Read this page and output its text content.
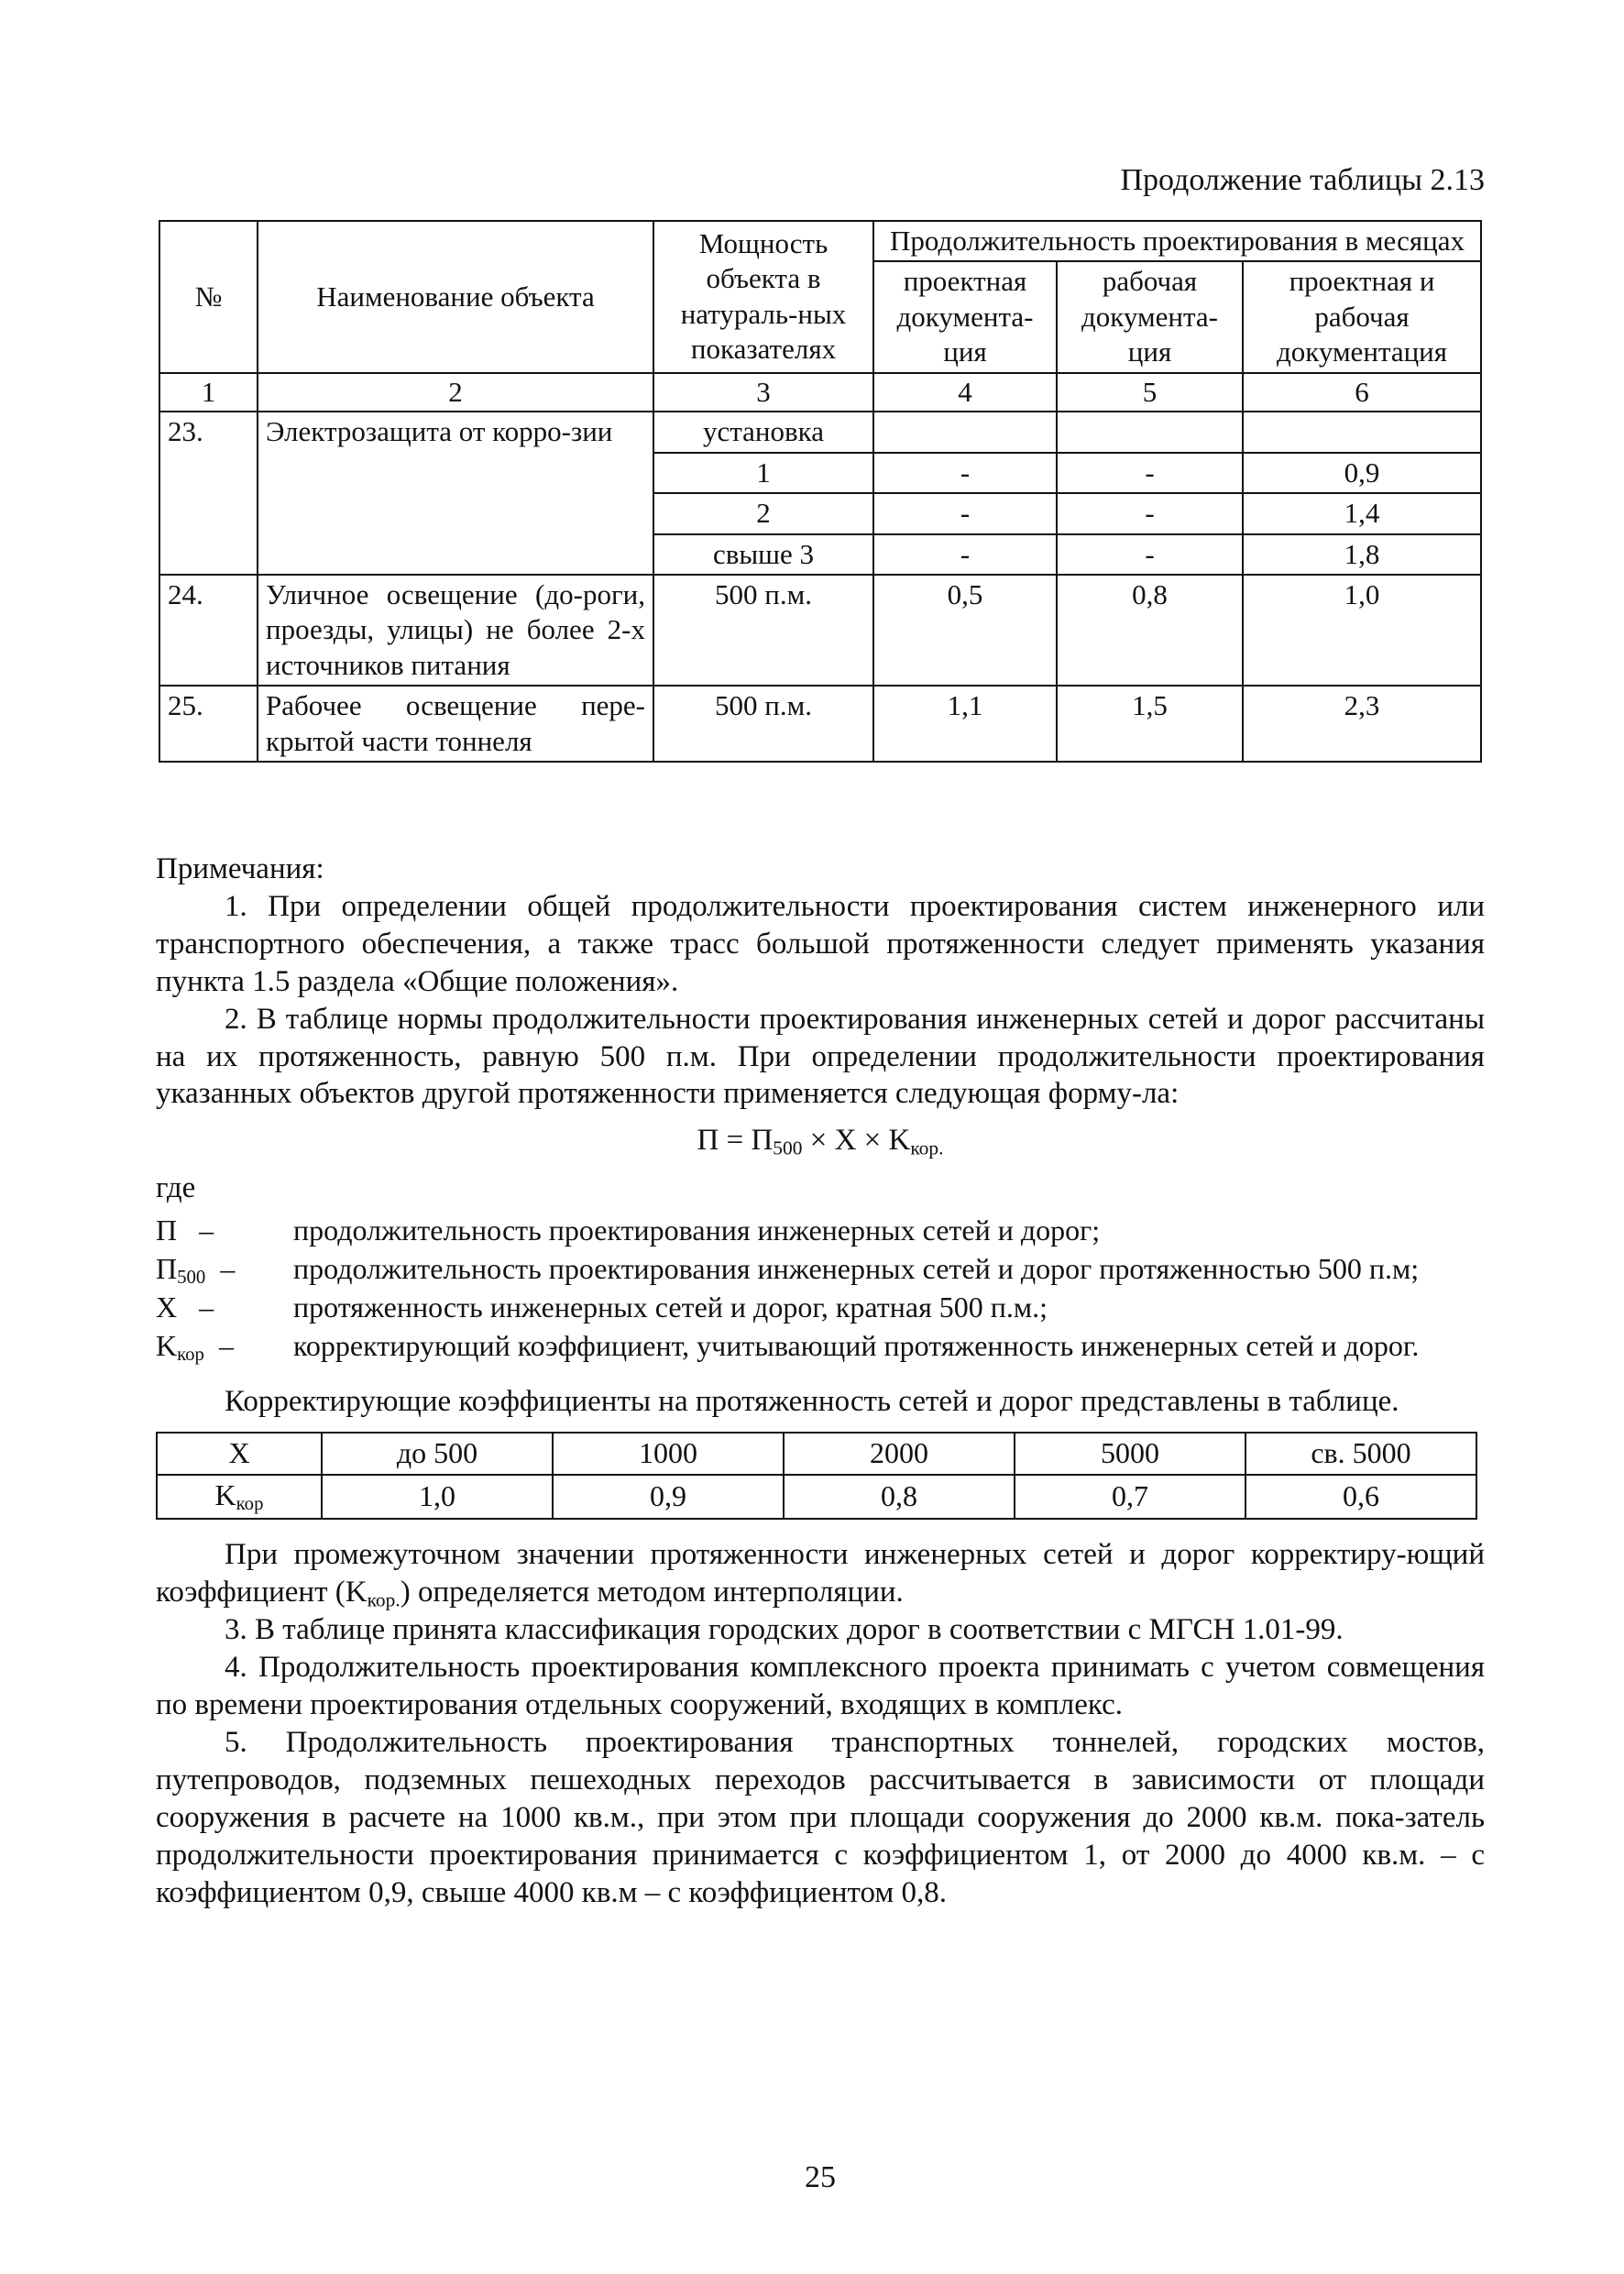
Продолжение таблицы 2.13
№	Наименование объекта	Мощность объекта в натураль-ных показателях	Продолжительность проектирования в месяцах		
			проектная документа-ция	рабочая документа-ция	проектная и рабочая документация
1	2	3	4	5	6
23.	Электрозащита от корро-зии	установка			
		1	-	-	0,9
		2	-	-	1,4
		свыше 3	-	-	1,8
24.	Уличное освещение (до-роги, проезды, улицы) не более 2-х источников питания	500 п.м.	0,5	0,8	1,0
25.	Рабочее освещение пере-крытой части тоннеля	500 п.м.	1,1	1,5	2,3

Примечания:

1. При определении общей продолжительности проектирования систем инженерного или транспортного обеспечения, а также трасс большой протяженности следует применять указания пункта 1.5 раздела «Общие положения».

2. В таблице нормы продолжительности проектирования инженерных сетей и дорог рассчитаны на их протяженность, равную 500 п.м. При определении продолжительности проектирования указанных объектов другой протяженности применяется следующая форму-ла:

$П = П_{500} \times X \times K_{кор.}$

где

П –	продолжительность проектирования инженерных сетей и дорог;
$П_{500}$ –	продолжительность проектирования инженерных сетей и дорог протяженностью 500 п.м;
X –	протяженность инженерных сетей и дорог, кратная 500 п.м.;
$K_{кор}$ –	корректирующий коэффициент, учитывающий протяженность инженерных сетей и дорог.

Корректирующие коэффициенты на протяженность сетей и дорог представлены в таблице.

X	до 500	1000	2000	5000	св. 5000
$K_{кор}$	1,0	0,9	0,8	0,7	0,6

При промежуточном значении протяженности инженерных сетей и дорог корректиру-ющий коэффициент $(K_{кор.})$ определяется методом интерполяции.

3. В таблице принята классификация городских дорог в соответствии с МГСН 1.01-99.

4. Продолжительность проектирования комплексного проекта принимать с учетом совмещения по времени проектирования отдельных сооружений, входящих в комплекс.

5. Продолжительность проектирования транспортных тоннелей, городских мостов, путепроводов, подземных пешеходных переходов рассчитывается в зависимости от площади сооружения в расчете на 1000 кв.м., при этом при площади сооружения до 2000 кв.м. пока-затель продолжительности проектирования принимается с коэффициентом 1, от 2000 до 4000 кв.м. – с коэффициентом 0,9, свыше 4000 кв.м – с коэффициентом 0,8.

25
